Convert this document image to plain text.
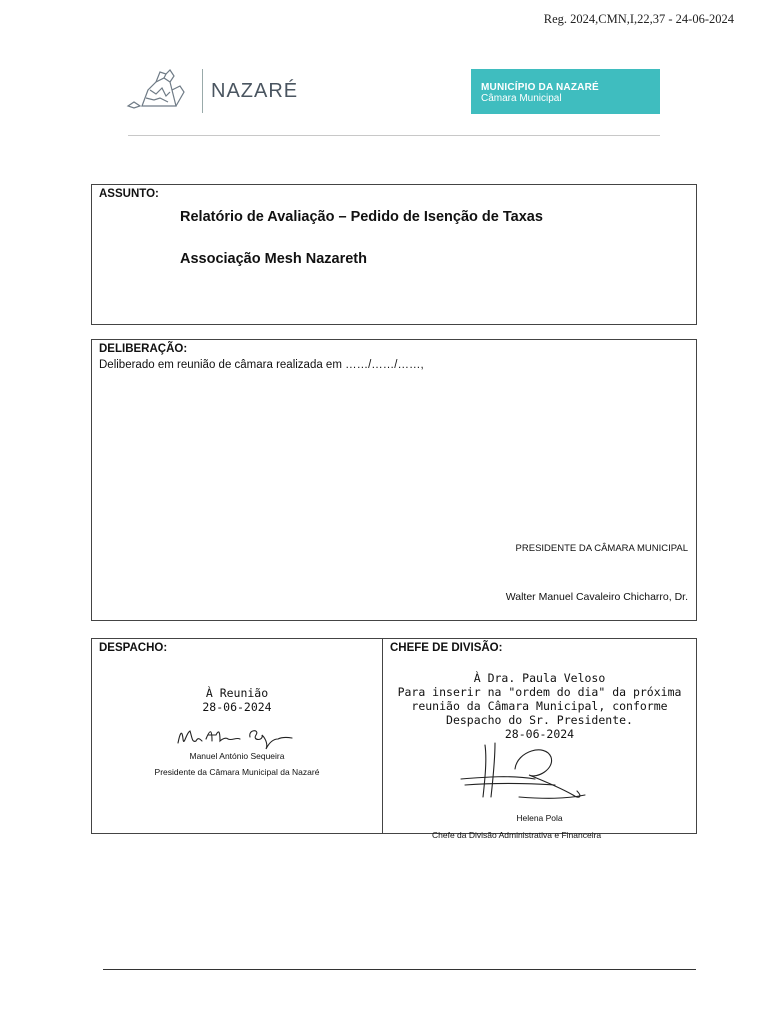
Reg. 2024,CMN,I,22,37 - 24-06-2024
NAZARÉ	MUNICÍPIO DA NAZARÉ
Câmara Municipal
ASSUNTO:
Relatório de Avaliação – Pedido de Isenção de Taxas
Associação Mesh Nazareth
DELIBERAÇÃO:
Deliberado em reunião de câmara realizada em ……/……/……,
PRESIDENTE DA CÂMARA MUNICIPAL
Walter Manuel Cavaleiro Chicharro, Dr.
DESPACHO:
À Reunião
28-06-2024
Manuel António Sequeira
Presidente da Câmara Municipal da Nazaré
CHEFE DE DIVISÃO:
À Dra. Paula Veloso
Para inserir na "ordem do dia" da próxima
reunião da Câmara Municipal, conforme
Despacho do Sr. Presidente.
28-06-2024
Helena Pola
Chefe da Divisão Administrativa e Financeira
